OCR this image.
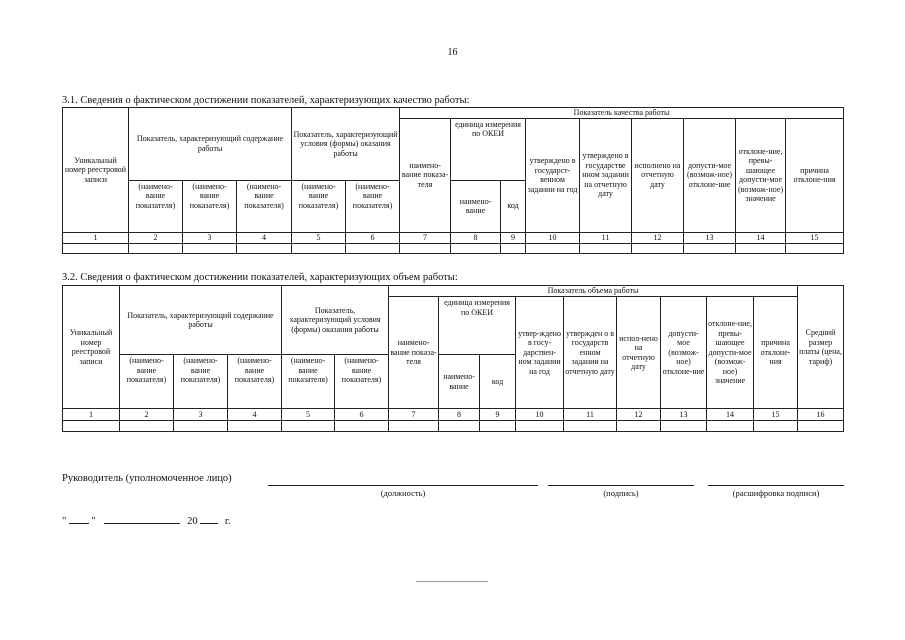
16
3.1. Сведения о фактическом достижении показателей, характеризующих качество работы:
Уникальный номер реестровой записи	Показатель, характеризующий содержание работы			Показатель, характеризующий условия (формы) оказания работы		Показатель качества работы								
						наимено-вание показа-теля	единица измерения по ОКЕИ		утверждено в государст-венном задании на год	утверждено в государстве нном задании на отчетную дату	исполнено на отчетную дату	допусти-мое (возмож-ное) отклоне-ние	отклоне-ние, превы-шающее допусти-мое (возмож-ное) значение	причина отклоне-ния
	(наимено-вание показателя)	(наимено-вание показателя)	(наимено-вание показателя)	(наимено-вание показателя)	(наимено-вание показателя)		наимено-вание	код						
1	2	3	4	5	6	7	8	9	10	11	12	13	14	15

3.2. Сведения о фактическом достижении показателей, характеризующих объем работы:
Уникальный номер реестровой записи	Показатель, характеризующий содержание работы			Показатель, характеризующий условия (формы) оказания работы		Показатель объема работы									Средний размер платы (цена, тариф)
						наимено-вание показа-теля	единица измерения по ОКЕИ		утвер-ждено в госу-дарствен-ном задании на год	утвержден о в государств енном задании на отчетную дату	испол-нено на отчетную дату	допусти-мое (возмож-ное) отклоне-ние	отклоне-ние, превы-шающее допусти-мое (возмож-ное) значение	причина отклоне-ния	
	(наимено-вание показателя)	(наимено-вание показателя)	(наимено-вание показателя)	(наимено-вание показателя)	(наимено-вание показателя)		наимено-вание	код							
1	2	3	4	5	6	7	8	9	10	11	12	13	14	15	16

Руководитель (уполномоченное лицо)
(должность)	(подпись)	(расшифровка подписи)
" "	20	г.
